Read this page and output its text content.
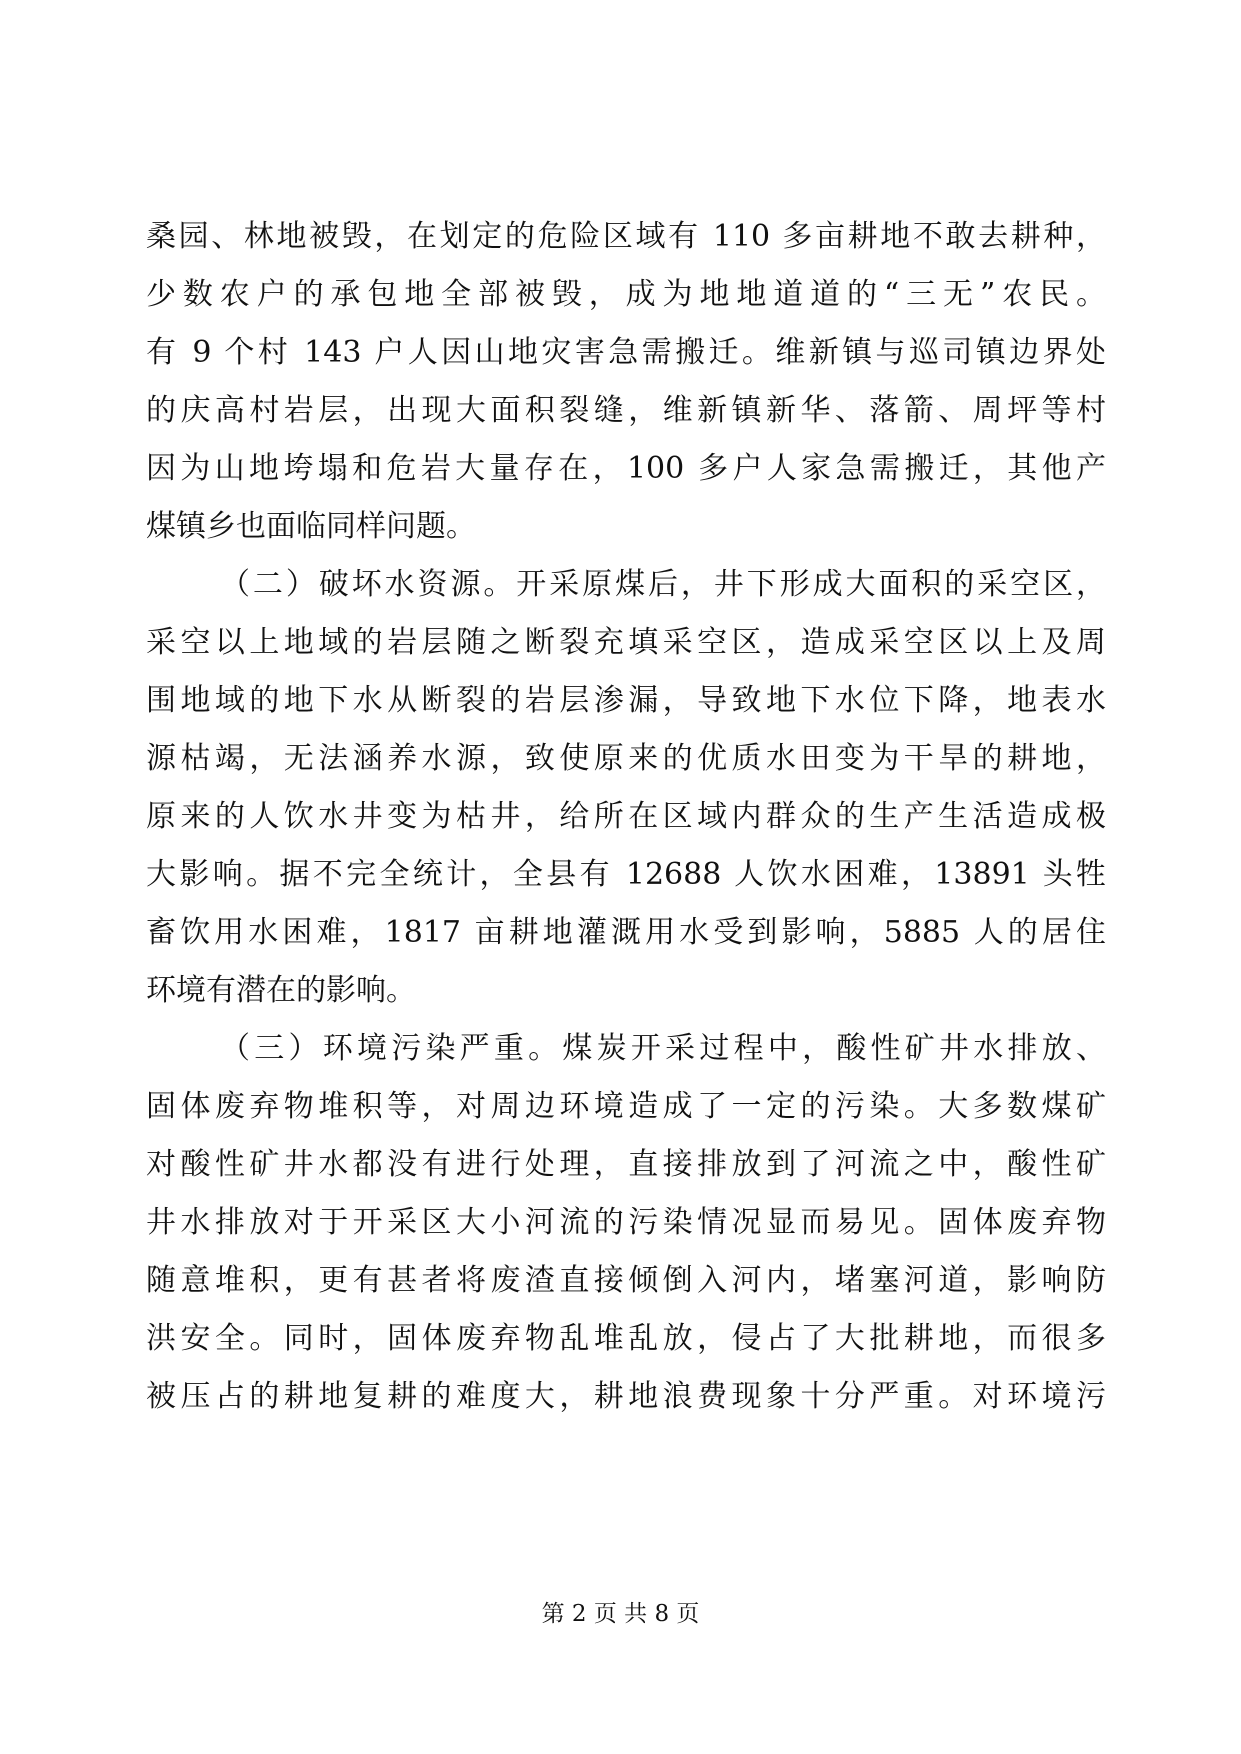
桑园、林地被毁，在划定的危险区域有 110 多亩耕地不敢去耕种，
少数农户的承包地全部被毁，成为地地道道的“三无”农民。
有 9 个村 143 户人因山地灾害急需搬迁。维新镇与巡司镇边界处
的庆高村岩层，出现大面积裂缝，维新镇新华、落箭、周坪等村
因为山地垮塌和危岩大量存在，100 多户人家急需搬迁，其他产
煤镇乡也面临同样问题。
（二）破坏水资源。开采原煤后，井下形成大面积的采空区，
采空以上地域的岩层随之断裂充填采空区，造成采空区以上及周
围地域的地下水从断裂的岩层渗漏，导致地下水位下降，地表水
源枯竭，无法涵养水源，致使原来的优质水田变为干旱的耕地，
原来的人饮水井变为枯井，给所在区域内群众的生产生活造成极
大影响。据不完全统计，全县有 12688 人饮水困难，13891 头牲
畜饮用水困难，1817 亩耕地灌溉用水受到影响，5885 人的居住
环境有潜在的影响。
（三）环境污染严重。煤炭开采过程中，酸性矿井水排放、
固体废弃物堆积等，对周边环境造成了一定的污染。大多数煤矿
对酸性矿井水都没有进行处理，直接排放到了河流之中，酸性矿
井水排放对于开采区大小河流的污染情况显而易见。固体废弃物
随意堆积，更有甚者将废渣直接倾倒入河内，堵塞河道，影响防
洪安全。同时，固体废弃物乱堆乱放，侵占了大批耕地，而很多
被压占的耕地复耕的难度大，耕地浪费现象十分严重。对环境污
第 2 页 共 8 页
